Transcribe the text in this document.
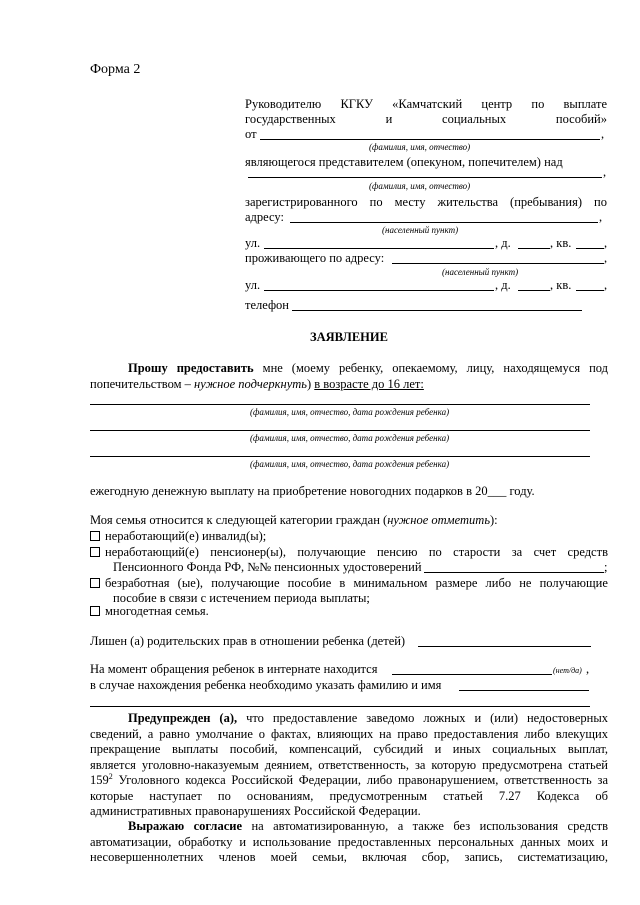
Форма 2
Руководителю КГКУ «Камчатский центр по выплате
государственных	и	социальных	пособий»
от	,
(фамилия, имя, отчество)
являющегося представителем (опекуном, попечителем) над
,
(фамилия, имя, отчество)
зарегистрированного по месту жительства (пребывания) по
адресу:	,
(населенный пункт)
ул.	, д.	, кв.	,
проживающего по адресу:	,
(населенный пункт)
ул.	, д.	, кв.	,
телефон
ЗАЯВЛЕНИЕ
Прошу предоставить мне (моему ребенку, опекаемому, лицу, находящемуся под
попечительством – нужное подчеркнуть) в возрасте до 16 лет:
(фамилия, имя, отчество, дата рождения ребенка)
(фамилия, имя, отчество, дата рождения ребенка)
(фамилия, имя, отчество, дата рождения ребенка)
ежегодную денежную выплату на приобретение новогодних подарков в 20___ году.
Моя семья относится к следующей категории граждан (нужное отметить):
неработающий(е) инвалид(ы);
неработающий(е) пенсионер(ы), получающие пенсию по старости за счет средств
Пенсионного Фонда РФ, №№ пенсионных удостоверений	;
безработная (ые), получающие пособие в минимальном размере либо не получающие
пособие в связи с истечением периода выплаты;
многодетная семья.
Лишен (а) родительских прав в отношении ребенка (детей)
На момент обращения ребенок в интернате находится	(нет/да) ,
в случае нахождения ребенка необходимо указать фамилию и имя
Предупрежден (а), что предоставление заведомо ложных и (или) недостоверных
сведений, а равно умолчание о фактах, влияющих на право предоставления либо влекущих
прекращение выплаты пособий, компенсаций, субсидий и иных социальных выплат,
является уголовно-наказуемым деянием, ответственность, за которую предусмотрена статьей
$159^2$ Уголовного кодекса Российской Федерации, либо правонарушением, ответственность за
которые наступает по основаниям, предусмотренным статьей 7.27 Кодекса об
административных правонарушениях Российской Федерации.
Выражаю согласие на автоматизированную, а также без использования средств
автоматизации, обработку и использование предоставленных персональных данных моих и
несовершеннолетних членов моей семьи, включая сбор, запись, систематизацию,
